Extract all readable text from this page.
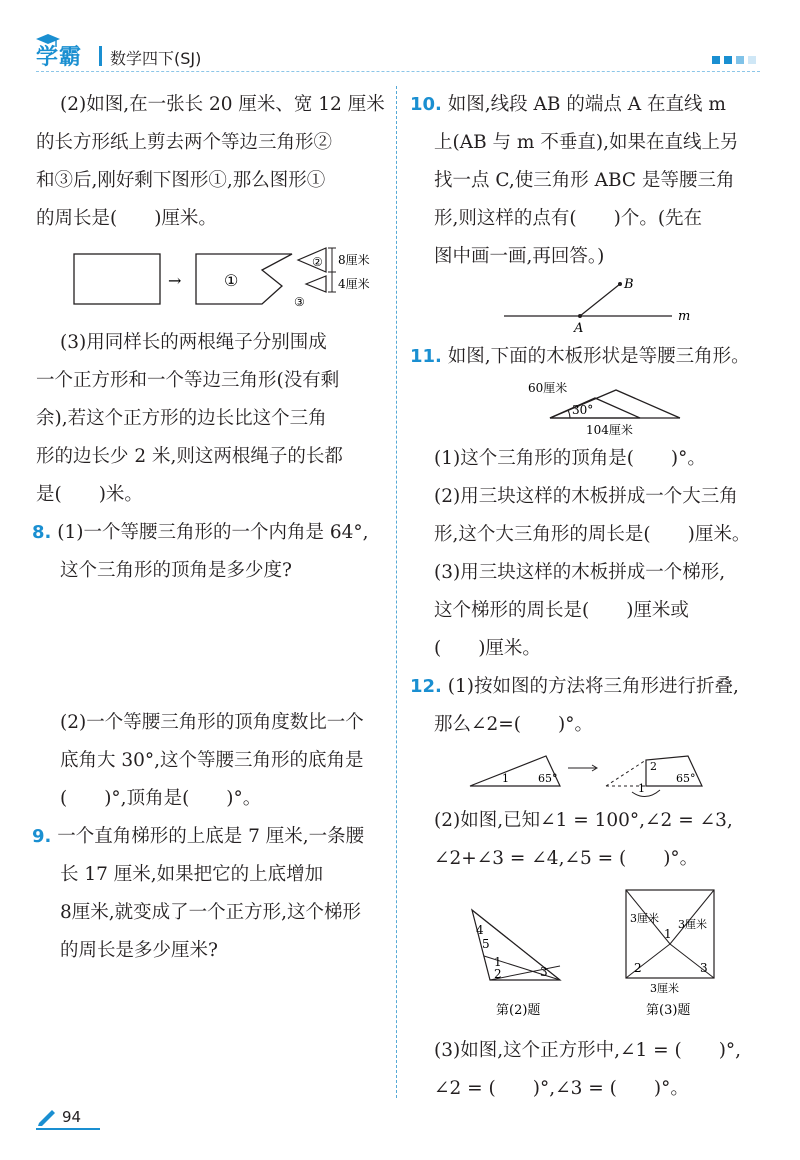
学霸 数学四下(SJ)

(2)如图,在一张长 20 厘米、宽 12 厘米

的长方形纸上剪去两个等边三角形②

和③后,刚好剩下图形①,那么图形①

的周长是(　　)厘米。

→	①
②
③
8厘米
4厘米

(3)用同样长的两根绳子分别围成

一个正方形和一个等边三角形(没有剩

余),若这个正方形的边长比这个三角

形的边长少 2 米,则这两根绳子的长都

是(　　)米。

8. (1)一个等腰三角形的一个内角是 64°,

这个三角形的顶角是多少度?

(2)一个等腰三角形的顶角度数比一个

底角大 30°,这个等腰三角形的底角是

(　　)°,顶角是(　　)°。

9. 一个直角梯形的上底是 7 厘米,一条腰

长 17 厘米,如果把它的上底增加

8厘米,就变成了一个正方形,这个梯形

的周长是多少厘米?

10. 如图,线段 AB 的端点 A 在直线 m

上(AB 与 m 不垂直),如果在直线上另

找一点 C,使三角形 ABC 是等腰三角

形,则这样的点有(　　)个。(先在

图中画一画,再回答。)

A
B
m

11. 如图,下面的木板形状是等腰三角形。

30°
60厘米
104厘米

(1)这个三角形的顶角是(　　)°。

(2)用三块这样的木板拼成一个大三角

形,这个大三角形的周长是(　　)厘米。

(3)用三块这样的木板拼成一个梯形,

这个梯形的周长是(　　)厘米或

(　　)厘米。

12. (1)按如图的方法将三角形进行折叠,

那么∠2=(　　)°。

1	65°
2
1
65°

(2)如图,已知∠1 = 100°,∠2 = ∠3,

∠2+∠3 = ∠4,∠5 = (　　)°。

4
5
1
2	3
第(2)题
3厘米 3厘米
3厘米
1
2	3
第(3)题

(3)如图,这个正方形中,∠1 = (　　)°,

∠2 = (　　)°,∠3 = (　　)°。

94
